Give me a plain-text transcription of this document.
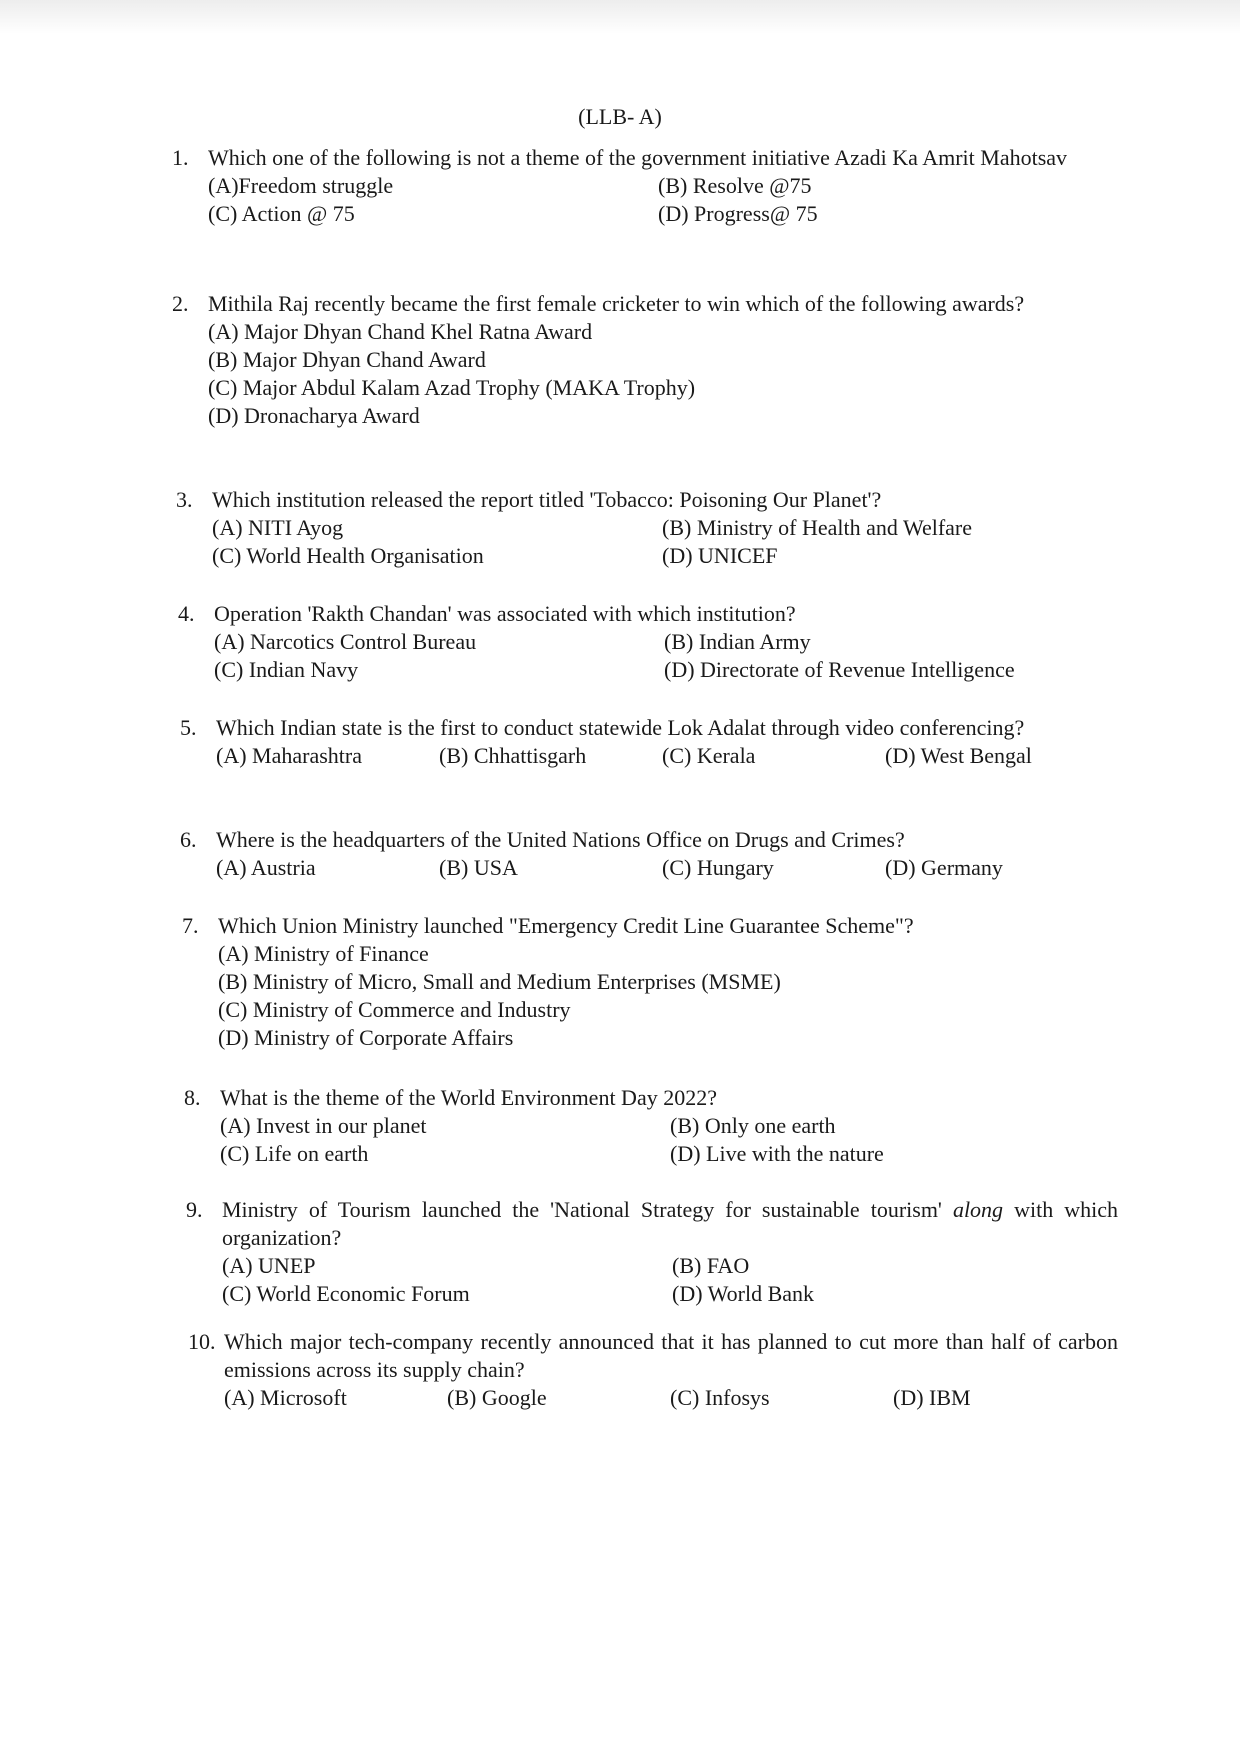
(LLB- A)
1. Which one of the following is not a theme of the government initiative Azadi Ka Amrit Mahotsav
(A)Freedom struggle	(B) Resolve @75
(C) Action @ 75	(D) Progress@ 75
2. Mithila Raj recently became the first female cricketer to win which of the following awards?
(A) Major Dhyan Chand Khel Ratna Award
(B) Major Dhyan Chand Award
(C) Major Abdul Kalam Azad Trophy (MAKA Trophy)
(D) Dronacharya Award
3. Which institution released the report titled 'Tobacco: Poisoning Our Planet'?
(A) NITI Ayog	(B) Ministry of Health and Welfare
(C) World Health Organisation	(D) UNICEF
4. Operation 'Rakth Chandan' was associated with which institution?
(A) Narcotics Control Bureau	(B) Indian Army
(C) Indian Navy	(D) Directorate of Revenue Intelligence
5. Which Indian state is the first to conduct statewide Lok Adalat through video conferencing?
(A) Maharashtra	(B) Chhattisgarh	(C) Kerala	(D) West Bengal
6. Where is the headquarters of the United Nations Office on Drugs and Crimes?
(A) Austria	(B) USA	(C) Hungary	(D) Germany
7. Which Union Ministry launched "Emergency Credit Line Guarantee Scheme"?
(A) Ministry of Finance
(B) Ministry of Micro, Small and Medium Enterprises (MSME)
(C) Ministry of Commerce and Industry
(D) Ministry of Corporate Affairs
8. What is the theme of the World Environment Day 2022?
(A) Invest in our planet	(B) Only one earth
(C) Life on earth	(D) Live with the nature
9. Ministry of Tourism launched the 'National Strategy for sustainable tourism' along with which organization?
(A) UNEP	(B) FAO
(C) World Economic Forum	(D) World Bank
10. Which major tech-company recently announced that it has planned to cut more than half of carbon emissions across its supply chain?
(A) Microsoft	(B) Google	(C) Infosys	(D) IBM
